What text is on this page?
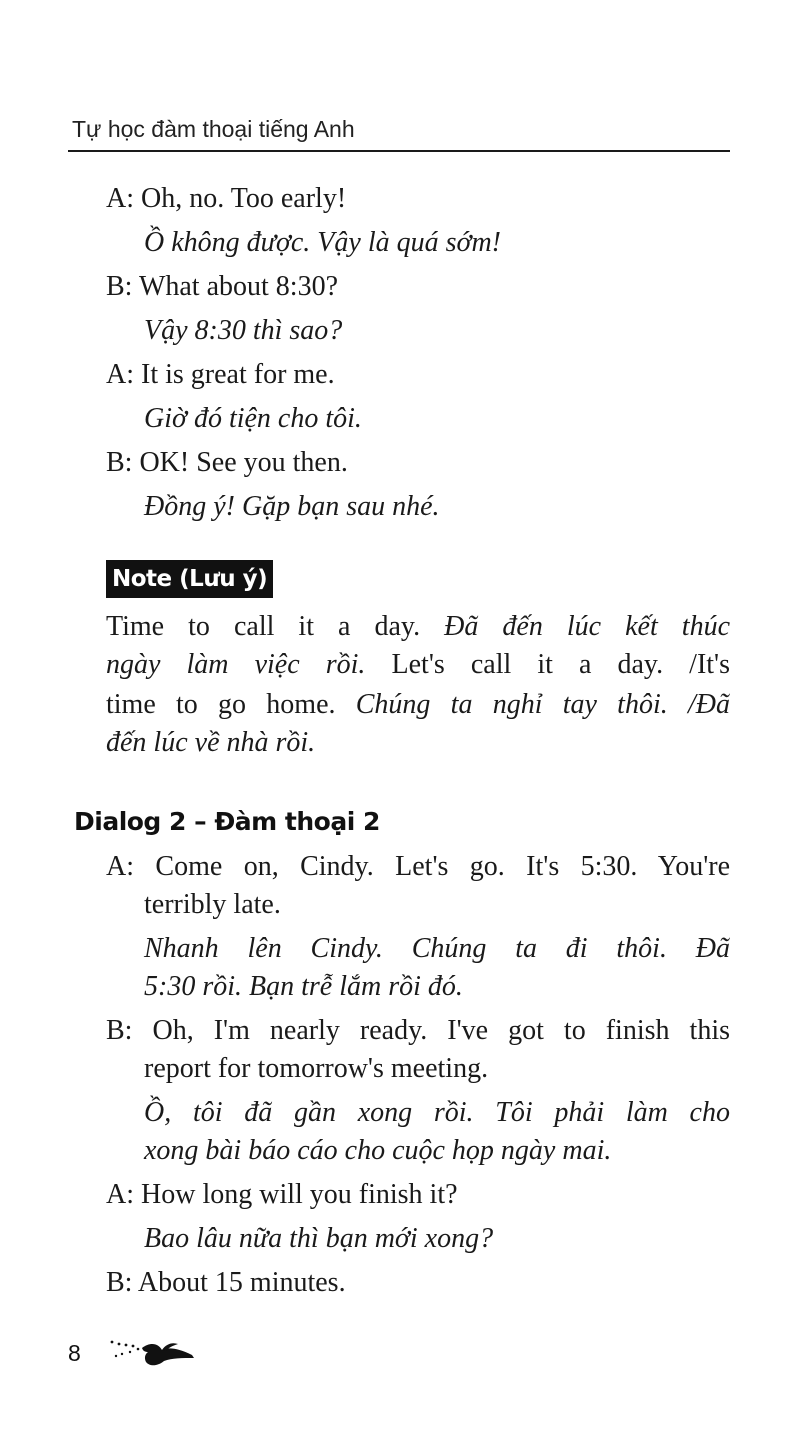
Tự học đàm thoại tiếng Anh
A: Oh, no. Too early!
Ồ không được. Vậy là quá sớm!
B: What about 8:30?
Vậy 8:30 thì sao?
A: It is great for me.
Giờ đó tiện cho tôi.
B: OK! See you then.
Đồng ý! Gặp bạn sau nhé.
Note (Lưu ý)
Time to call it a day. Đã đến lúc kết thúc
ngày làm việc rồi. Let's call it a day. /It's
time to go home. Chúng ta nghỉ tay thôi. /Đã
đến lúc về nhà rồi.
Dialog 2 – Đàm thoại 2
A: Come on, Cindy. Let's go. It's 5:30. You're
terribly late.
Nhanh lên Cindy. Chúng ta đi thôi. Đã
5:30 rồi. Bạn trễ lắm rồi đó.
B: Oh, I'm nearly ready. I've got to finish this
report for tomorrow's meeting.
Ồ, tôi đã gần xong rồi. Tôi phải làm cho
xong bài báo cáo cho cuộc họp ngày mai.
A: How long will you finish it?
Bao lâu nữa thì bạn mới xong?
B: About 15 minutes.
8
